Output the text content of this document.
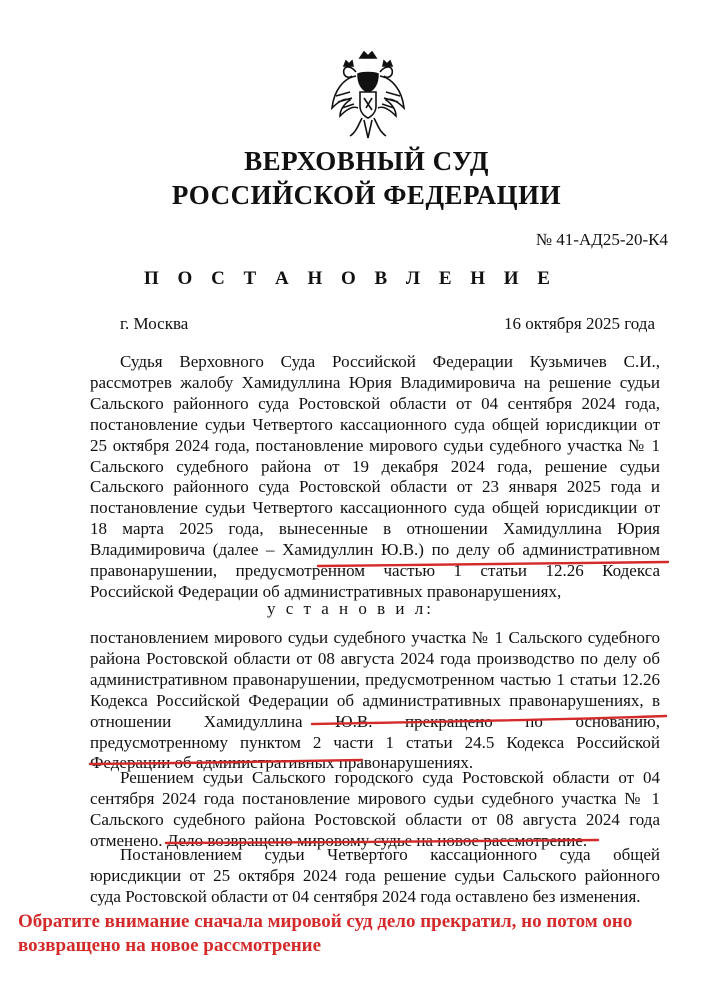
ВЕРХОВНЫЙ СУД
РОССИЙСКОЙ ФЕДЕРАЦИИ
№ 41-АД25-20-К4
П О С Т А Н О В Л Е Н И Е
г. Москва	16 октября 2025 года
Судья Верховного Суда Российской Федерации Кузьмичев С.И., рассмотрев жалобу Хамидуллина Юрия Владимировича на решение судьи Сальского районного суда Ростовской области от 04 сентября 2024 года, постановление судьи Четвертого кассационного суда общей юрисдикции от 25 октября 2024 года, постановление мирового судьи судебного участка № 1 Сальского судебного района от 19 декабря 2024 года, решение судьи Сальского районного суда Ростовской области от 23 января 2025 года и постановление судьи Четвертого кассационного суда общей юрисдикции от 18 марта 2025 года, вынесенные в отношении Хамидуллина Юрия Владимировича (далее – Хамидуллин Ю.В.) по делу об административном правонарушении, предусмотренном частью 1 статьи 12.26 Кодекса Российской Федерации об административных правонарушениях,
у с т а н о в и л:
постановлением мирового судьи судебного участка № 1 Сальского судебного района Ростовской области от 08 августа 2024 года производство по делу об административном правонарушении, предусмотренном частью 1 статьи 12.26 Кодекса Российской Федерации об административных правонарушениях, в отношении Хамидуллина Ю.В. прекращено по основанию, предусмотренному пунктом 2 части 1 статьи 24.5 Кодекса Российской Федерации об административных правонарушениях.
Решением судьи Сальского городского суда Ростовской области от 04 сентября 2024 года постановление мирового судьи судебного участка № 1 Сальского судебного района Ростовской области от 08 августа 2024 года отменено. Дело возвращено мировому судье на новое рассмотрение.
Постановлением судьи Четвертого кассационного суда общей юрисдикции от 25 октября 2024 года решение судьи Сальского районного суда Ростовской области от 04 сентября 2024 года оставлено без изменения.
Обратите внимание сначала мировой суд дело прекратил, но потом оно возвращено на новое рассмотрение
